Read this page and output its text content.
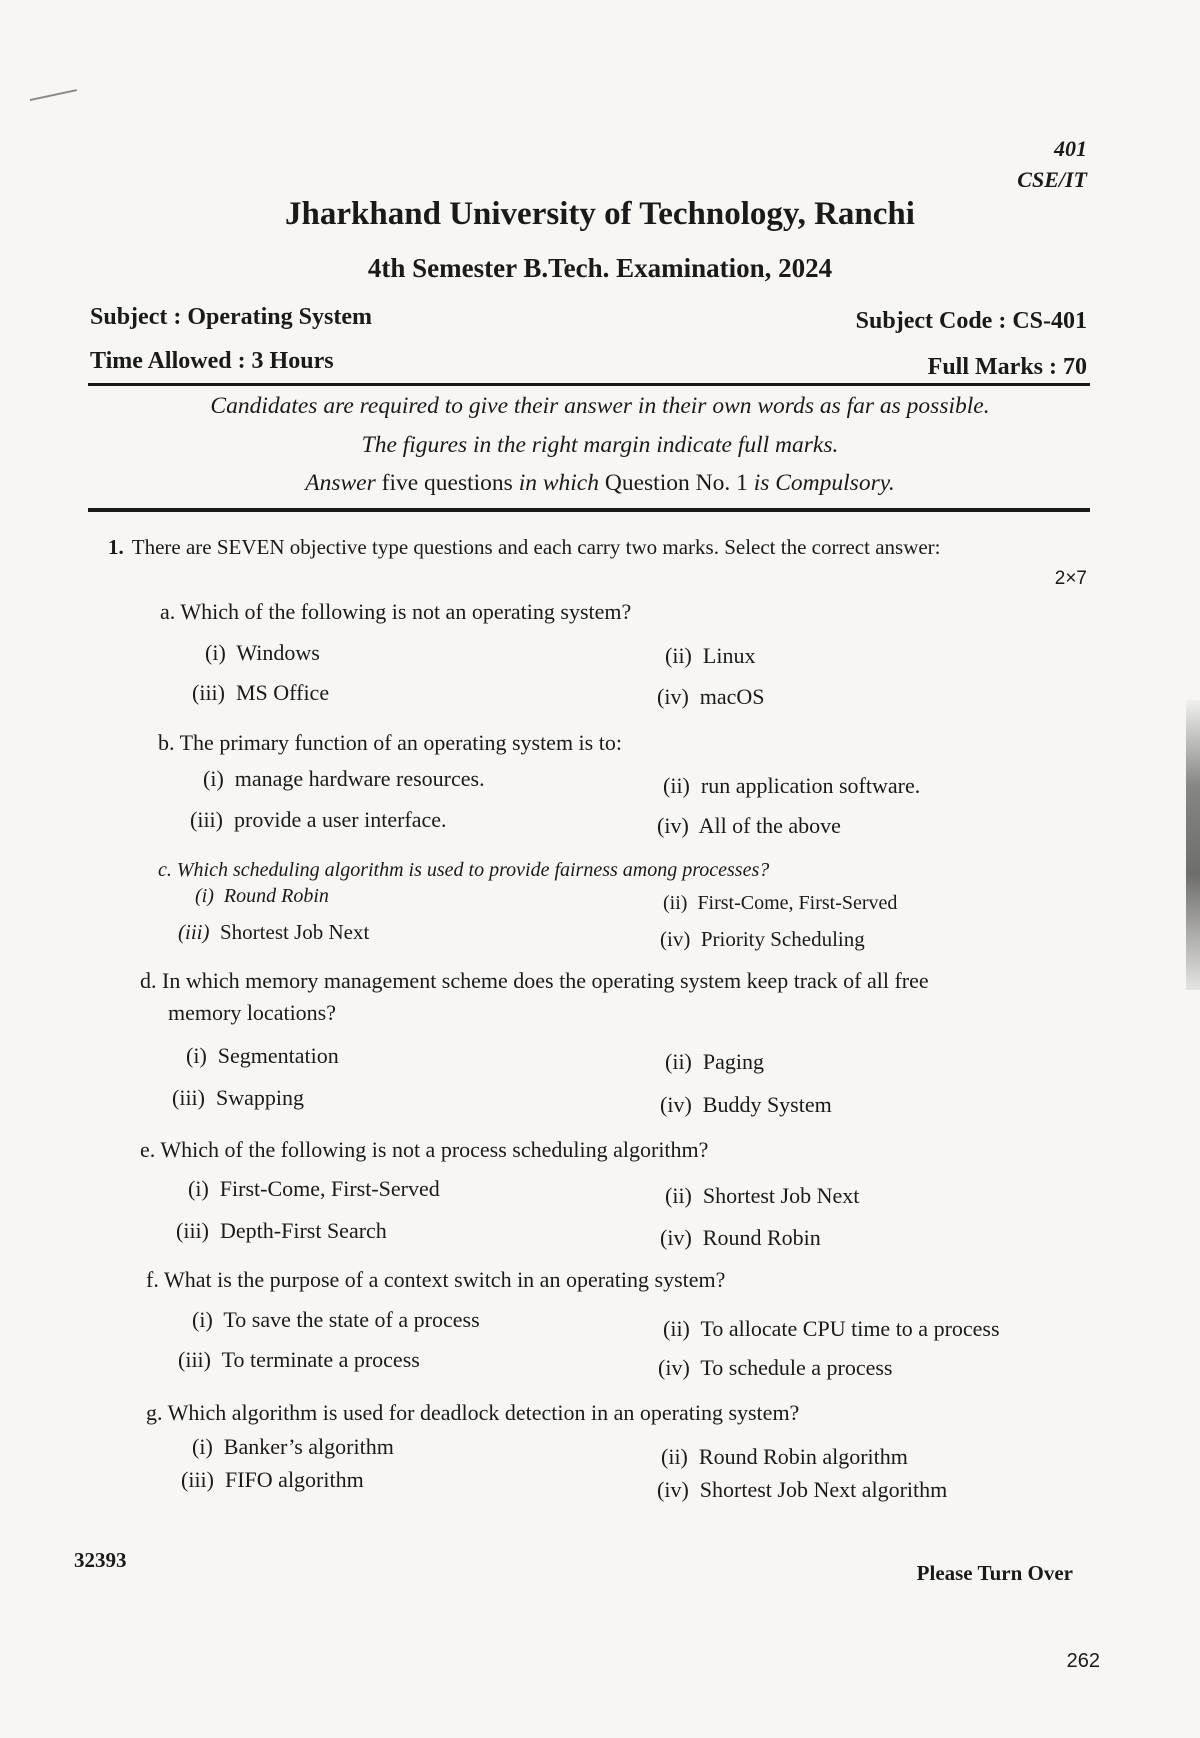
401
CSE/IT
Jharkhand University of Technology, Ranchi
4th Semester B.Tech. Examination, 2024
Subject : Operating System	Subject Code : CS-401
Time Allowed : 3 Hours	Full Marks : 70
Candidates are required to give their answer in their own words as far as possible.
The figures in the right margin indicate full marks.
Answer five questions in which Question No. 1 is Compulsory.
1. There are SEVEN objective type questions and each carry two marks. Select the correct answer:
2×7
a. Which of the following is not an operating system?
(i) Windows	(ii) Linux
(iii) MS Office	(iv) macOS
b. The primary function of an operating system is to:
(i) manage hardware resources.	(ii) run application software.
(iii) provide a user interface.	(iv) All of the above
c. Which scheduling algorithm is used to provide fairness among processes?
(i) Round Robin	(ii) First-Come, First-Served
(iii) Shortest Job Next	(iv) Priority Scheduling
d. In which memory management scheme does the operating system keep track of all free
memory locations?
(i) Segmentation	(ii) Paging
(iii) Swapping	(iv) Buddy System
e. Which of the following is not a process scheduling algorithm?
(i) First-Come, First-Served	(ii) Shortest Job Next
(iii) Depth-First Search	(iv) Round Robin
f. What is the purpose of a context switch in an operating system?
(i) To save the state of a process	(ii) To allocate CPU time to a process
(iii) To terminate a process	(iv) To schedule a process
g. Which algorithm is used for deadlock detection in an operating system?
(i) Banker’s algorithm	(ii) Round Robin algorithm
(iii) FIFO algorithm	(iv) Shortest Job Next algorithm
32393
Please Turn Over
262
